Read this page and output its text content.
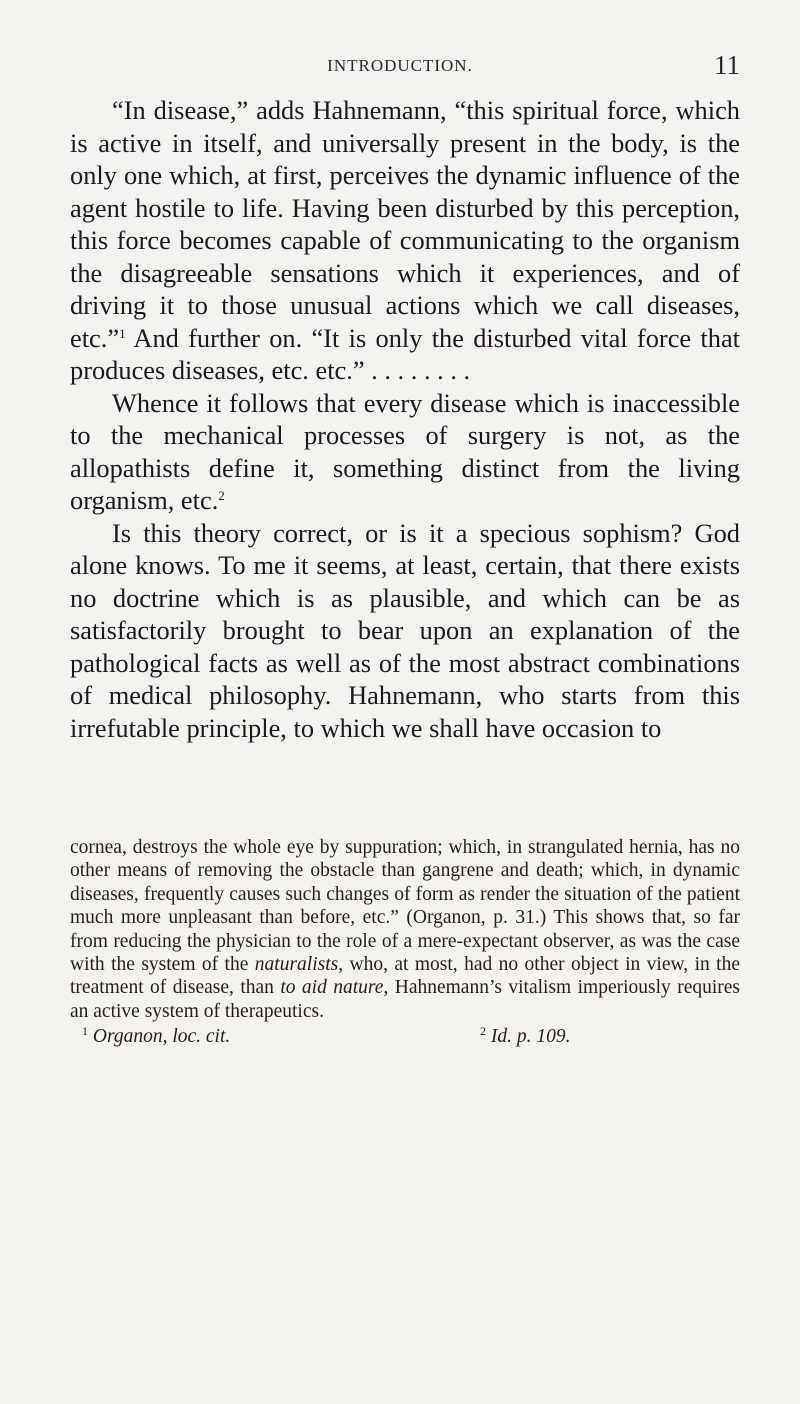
INTRODUCTION.	11

“In disease,” adds Hahnemann, “this spiritual force, which is active in itself, and universally present in the body, is the only one which, at first, perceives the dynamic influence of the agent hostile to life. Having been disturbed by this perception, this force becomes capable of communicating to the organism the disagreeable sensations which it experiences, and of driving it to those unusual actions which we call diseases, etc.”$^1$ And further on. “It is only the disturbed vital force that produces diseases, etc. etc.” . . . . . . . .

Whence it follows that every disease which is inaccessible to the mechanical processes of surgery is not, as the allopathists define it, something distinct from the living organism, etc.$^2$

Is this theory correct, or is it a specious sophism? God alone knows. To me it seems, at least, certain, that there exists no doctrine which is as plausible, and which can be as satisfactorily brought to bear upon an explanation of the pathological facts as well as of the most abstract combinations of medical philosophy. Hahnemann, who starts from this irrefutable principle, to which we shall have occasion to

cornea, destroys the whole eye by suppuration; which, in strangulated hernia, has no other means of removing the obstacle than gangrene and death; which, in dynamic diseases, frequently causes such changes of form as render the situation of the patient much more unpleasant than before, etc.” (Organon, p. 31.) This shows that, so far from reducing the physician to the role of a mere-expectant observer, as was the case with the system of the naturalists, who, at most, had no other object in view, in the treatment of disease, than to aid nature, Hahnemann’s vitalism imperiously requires an active system of therapeutics.

$^1$ Organon, loc. cit.	$^2$ Id. p. 109.
